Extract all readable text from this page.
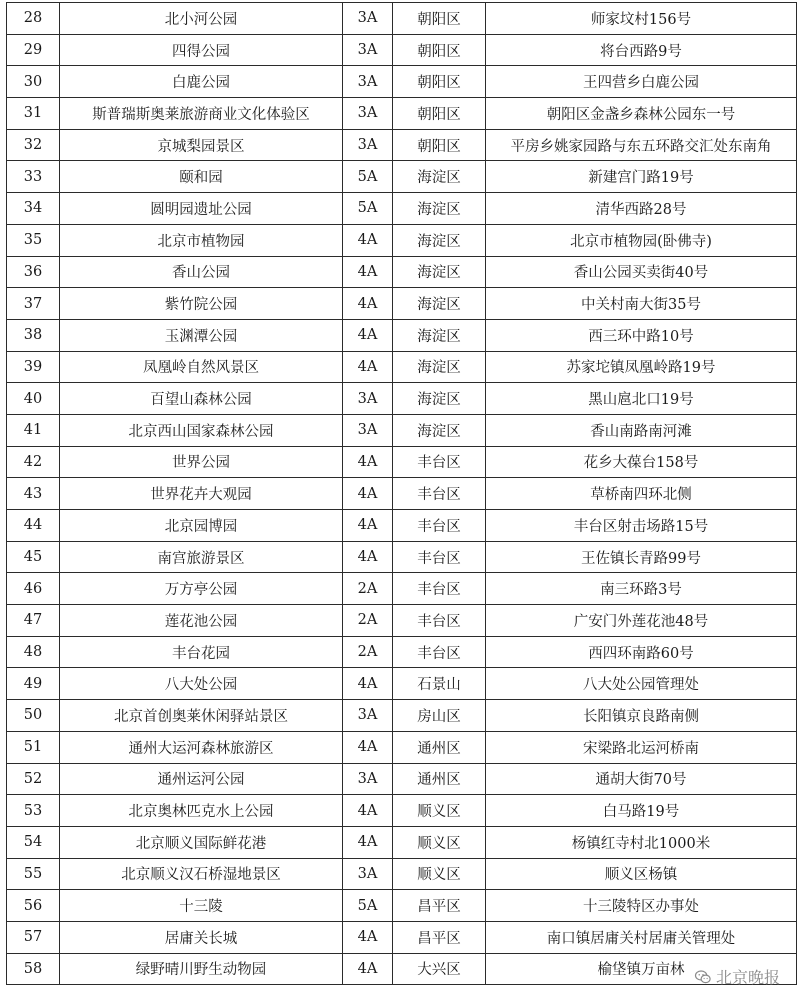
28	北小河公园	3A	朝阳区	师家坟村156号
29	四得公园	3A	朝阳区	将台西路9号
30	白鹿公园	3A	朝阳区	王四营乡白鹿公园
31	斯普瑞斯奥莱旅游商业文化体验区	3A	朝阳区	朝阳区金盏乡森林公园东一号
32	京城梨园景区	3A	朝阳区	平房乡姚家园路与东五环路交汇处东南角
33	颐和园	5A	海淀区	新建宫门路19号
34	圆明园遗址公园	5A	海淀区	清华西路28号
35	北京市植物园	4A	海淀区	北京市植物园(卧佛寺)
36	香山公园	4A	海淀区	香山公园买卖街40号
37	紫竹院公园	4A	海淀区	中关村南大街35号
38	玉渊潭公园	4A	海淀区	西三环中路10号
39	凤凰岭自然风景区	4A	海淀区	苏家坨镇凤凰岭路19号
40	百望山森林公园	3A	海淀区	黑山扈北口19号
41	北京西山国家森林公园	3A	海淀区	香山南路南河滩
42	世界公园	4A	丰台区	花乡大葆台158号
43	世界花卉大观园	4A	丰台区	草桥南四环北侧
44	北京园博园	4A	丰台区	丰台区射击场路15号
45	南宫旅游景区	4A	丰台区	王佐镇长青路99号
46	万方亭公园	2A	丰台区	南三环路3号
47	莲花池公园	2A	丰台区	广安门外莲花池48号
48	丰台花园	2A	丰台区	西四环南路60号
49	八大处公园	4A	石景山	八大处公园管理处
50	北京首创奥莱休闲驿站景区	3A	房山区	长阳镇京良路南侧
51	通州大运河森林旅游区	4A	通州区	宋梁路北运河桥南
52	通州运河公园	3A	通州区	通胡大街70号
53	北京奥林匹克水上公园	4A	顺义区	白马路19号
54	北京顺义国际鲜花港	4A	顺义区	杨镇红寺村北1000米
55	北京顺义汉石桥湿地景区	3A	顺义区	顺义区杨镇
56	十三陵	5A	昌平区	十三陵特区办事处
57	居庸关长城	4A	昌平区	南口镇居庸关村居庸关管理处
58	绿野晴川野生动物园	4A	大兴区	榆垡镇万亩林 北京晚报
